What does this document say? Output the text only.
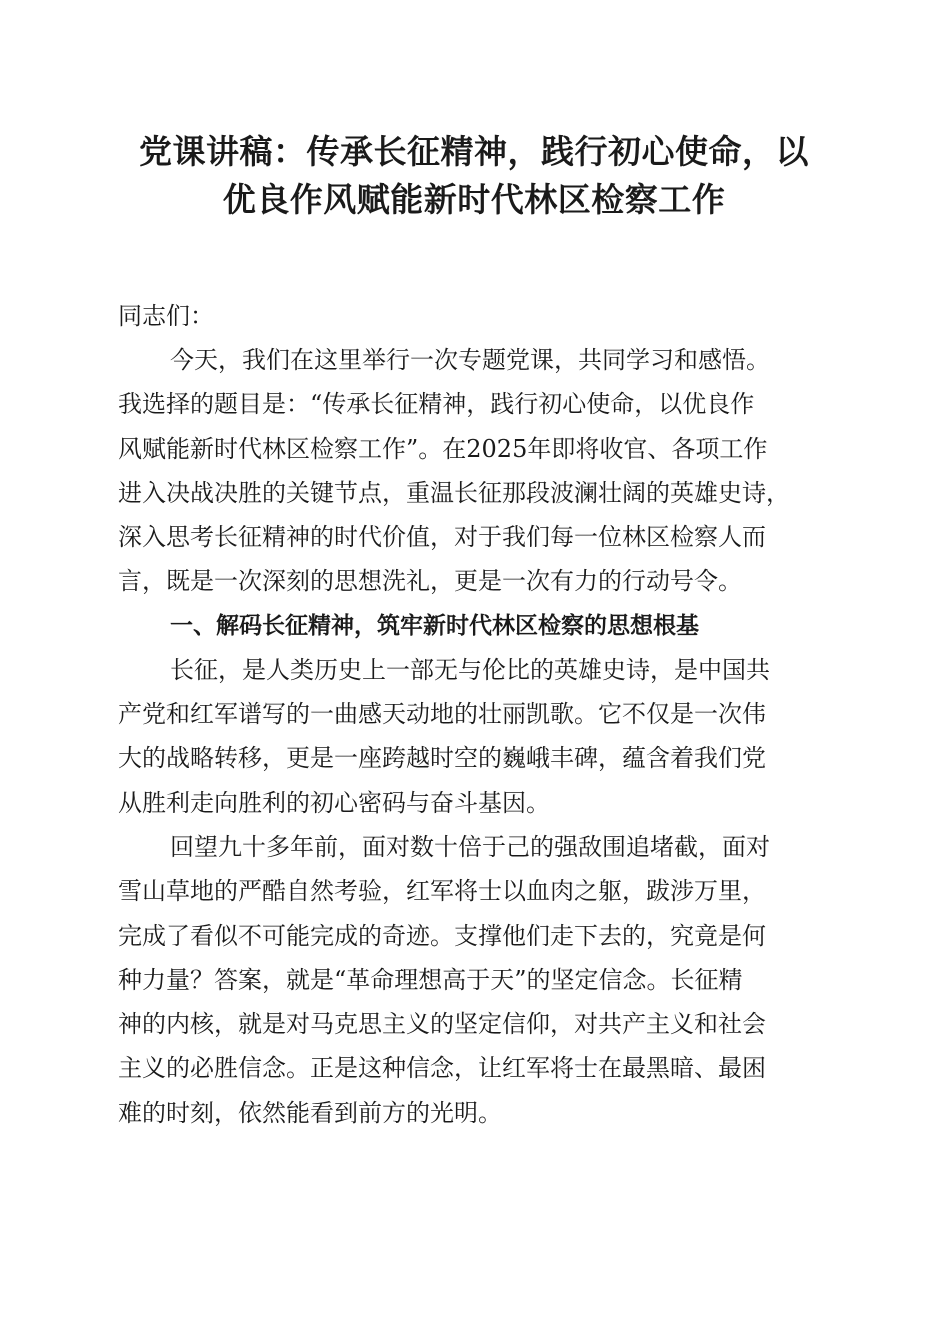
党课讲稿：传承长征精神，践行初心使命，以
优良作风赋能新时代林区检察工作

同志们：

今天，我们在这里举行一次专题党课，共同学习和感悟。
我选择的题目是：“传承长征精神，践行初心使命，以优良作
风赋能新时代林区检察工作”。在2025年即将收官、各项工作
进入决战决胜的关键节点，重温长征那段波澜壮阔的英雄史诗，
深入思考长征精神的时代价值，对于我们每一位林区检察人而
言，既是一次深刻的思想洗礼，更是一次有力的行动号令。
一、解码长征精神，筑牢新时代林区检察的思想根基
长征，是人类历史上一部无与伦比的英雄史诗，是中国共
产党和红军谱写的一曲感天动地的壮丽凯歌。它不仅是一次伟
大的战略转移，更是一座跨越时空的巍峨丰碑，蕴含着我们党
从胜利走向胜利的初心密码与奋斗基因。
回望九十多年前，面对数十倍于己的强敌围追堵截，面对
雪山草地的严酷自然考验，红军将士以血肉之躯，跋涉万里，
完成了看似不可能完成的奇迹。支撑他们走下去的，究竟是何
种力量？答案，就是“革命理想高于天”的坚定信念。长征精
神的内核，就是对马克思主义的坚定信仰，对共产主义和社会
主义的必胜信念。正是这种信念，让红军将士在最黑暗、最困
难的时刻，依然能看到前方的光明。
